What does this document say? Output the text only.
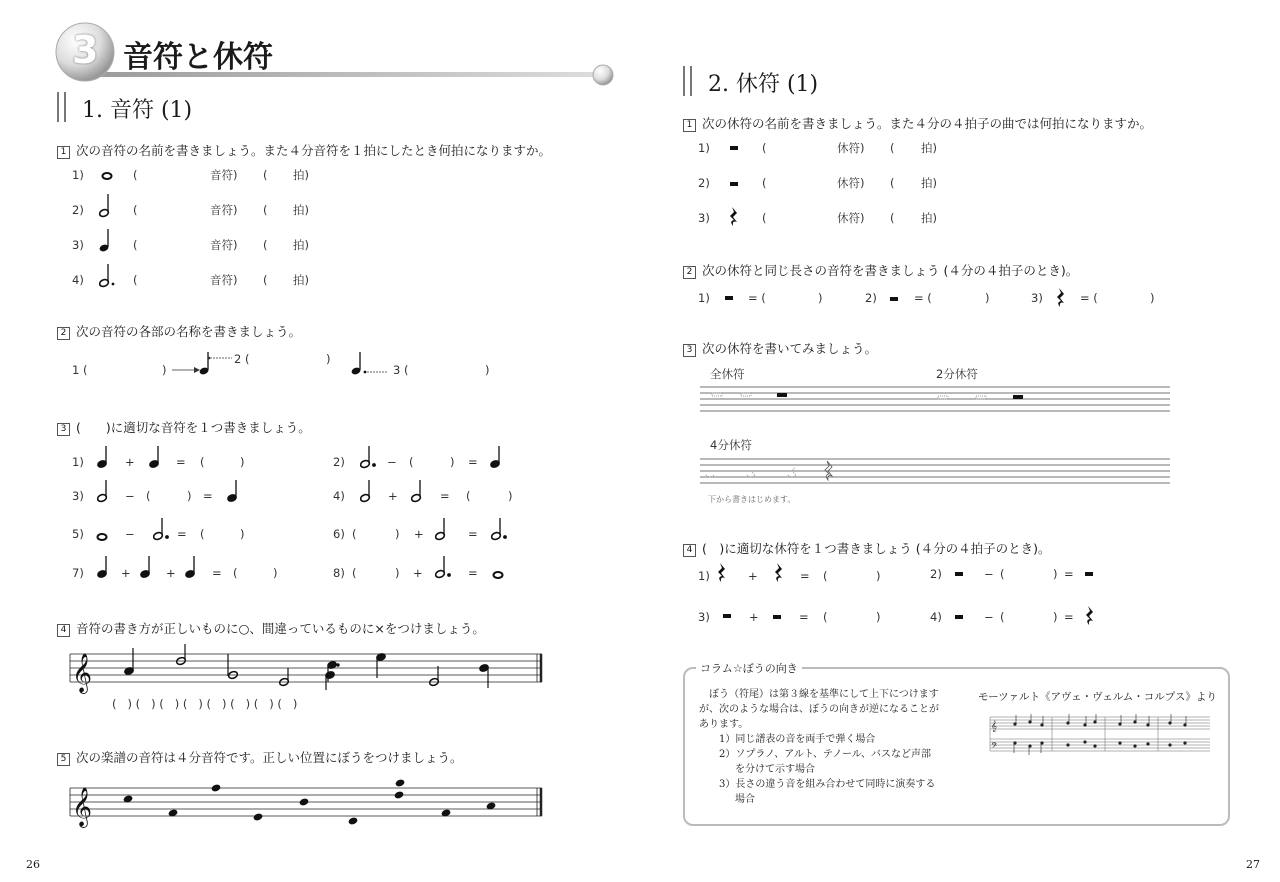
3 音符と休符
1. 音符 (1)
1 次の音符の名前を書きましょう。また４分音符を１拍にしたとき何拍になりますか。
1)	(	音符) ( 拍)
2)	(	音符) ( 拍)
3)	(	音符) ( 拍)
4)	(	音符) ( 拍)
2 次の音符の各部の名称を書きましょう。
1 (	)
2 (	)
3 (	)
3 (　　)に適切な音符を１つ書きましょう。
1)	+	= (	)	2)	− (	) =
3)	− (	) =	4)	+	= (	)
5)	−	= (	)	6) (	) +	=
7)	+	+	= (	)	8) (	) +	=
4 音符の書き方が正しいものに○、間違っているものに×をつけましょう。
𝄞
( ) ( ) ( ) ( ) ( ) ( ) ( ) ( )
5 次の楽譜の音符は４分音符です。正しい位置にぼうをつけましょう。
𝄞
26
2. 休符 (1)
1 次の休符の名前を書きましょう。また４分の４拍子の曲では何拍になりますか。
1)	(	休符) ( 拍)
2)	(	休符) ( 拍)
3)	(	休符) ( 拍)
2 次の休符と同じ長さの音符を書きましょう (４分の４拍子のとき)。
1)	= (	)	2)	= (	)	3)	= (	)
3 次の休符を書いてみましょう。
全休符	2分休符
4分休符
下から書きはじめます。
4 (　)に適切な休符を１つ書きましょう (４分の４拍子のとき)。
1)	+	= (	)	2)	− (	) =
3)	+	= (	)	4)	− (	) =
コラム☆ぼうの向き
ぼう（符尾）は第３線を基準にして上下につけます
が、次のような場合は、ぼうの向きが逆になることが
あります。
1）同じ譜表の音を両手で弾く場合
2）ソプラノ、アルト、テノール、バスなど声部
を分けて示す場合
3）長さの違う音を組み合わせて同時に演奏する
場合
モーツァルト《アヴェ・ヴェルム・コルプス》より
𝄞
𝄢
27
